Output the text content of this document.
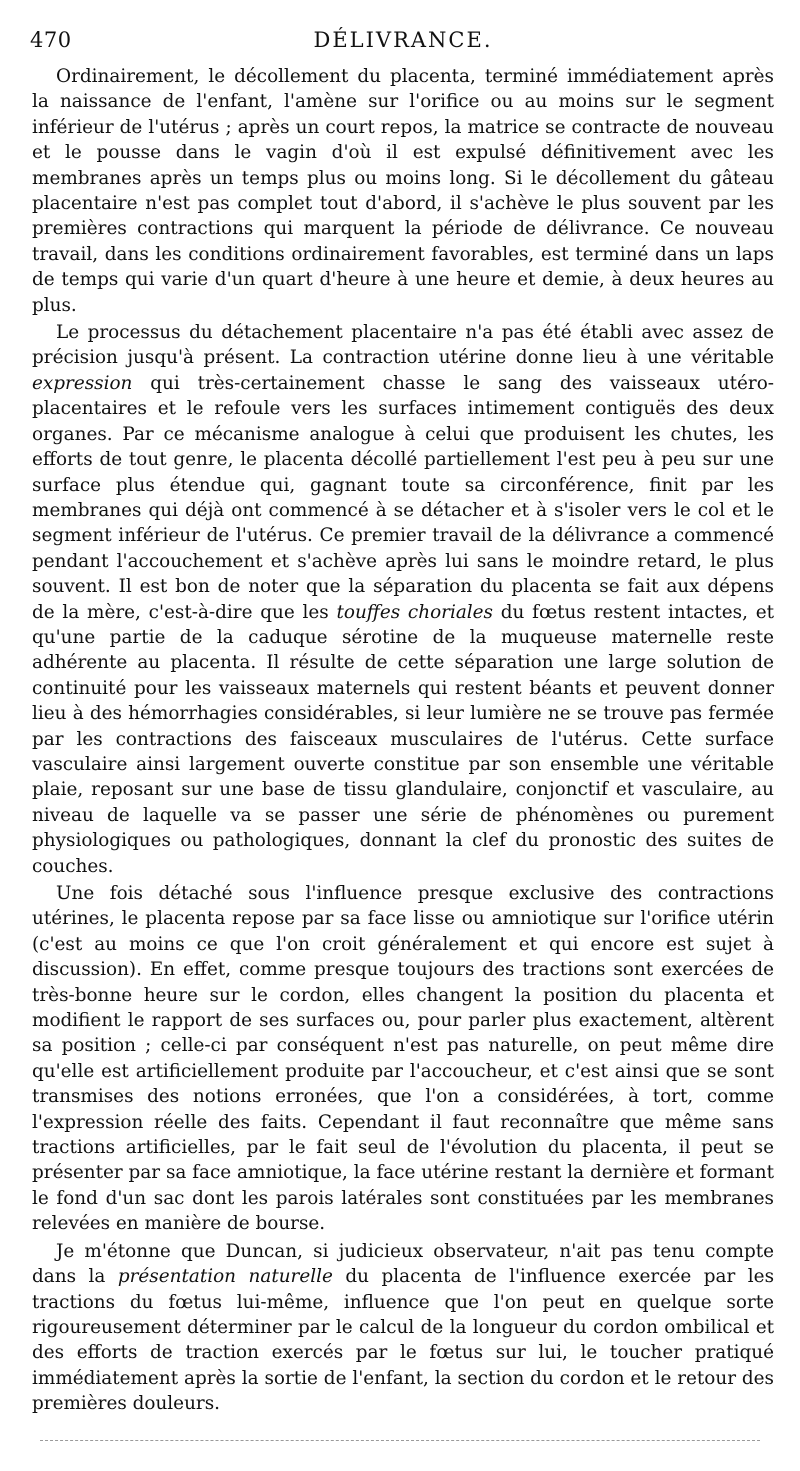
470	DÉLIVRANCE.

Ordinairement, le décollement du placenta, terminé immédiatement après la naissance de l'enfant, l'amène sur l'orifice ou au moins sur le segment inférieur de l'utérus ; après un court repos, la matrice se contracte de nouveau et le pousse dans le vagin d'où il est expulsé définitivement avec les membranes après un temps plus ou moins long. Si le décollement du gâteau placentaire n'est pas complet tout d'abord, il s'achève le plus souvent par les premières contractions qui marquent la période de délivrance. Ce nouveau travail, dans les conditions ordinairement favorables, est terminé dans un laps de temps qui varie d'un quart d'heure à une heure et demie, à deux heures au plus.

Le processus du détachement placentaire n'a pas été établi avec assez de précision jusqu'à présent. La contraction utérine donne lieu à une véritable expression qui très-certainement chasse le sang des vaisseaux utéro-placentaires et le refoule vers les surfaces intimement contiguës des deux organes. Par ce mécanisme analogue à celui que produisent les chutes, les efforts de tout genre, le placenta décollé partiellement l'est peu à peu sur une surface plus étendue qui, gagnant toute sa circonférence, finit par les membranes qui déjà ont commencé à se détacher et à s'isoler vers le col et le segment inférieur de l'utérus. Ce premier travail de la délivrance a commencé pendant l'accouchement et s'achève après lui sans le moindre retard, le plus souvent. Il est bon de noter que la séparation du placenta se fait aux dépens de la mère, c'est-à-dire que les touffes choriales du fœtus restent intactes, et qu'une partie de la caduque sérotine de la muqueuse maternelle reste adhérente au placenta. Il résulte de cette séparation une large solution de continuité pour les vaisseaux maternels qui restent béants et peuvent donner lieu à des hémorrhagies considérables, si leur lumière ne se trouve pas fermée par les contractions des faisceaux musculaires de l'utérus. Cette surface vasculaire ainsi largement ouverte constitue par son ensemble une véritable plaie, reposant sur une base de tissu glandulaire, conjonctif et vasculaire, au niveau de laquelle va se passer une série de phénomènes ou purement physiologiques ou pathologiques, donnant la clef du pronostic des suites de couches.

Une fois détaché sous l'influence presque exclusive des contractions utérines, le placenta repose par sa face lisse ou amniotique sur l'orifice utérin (c'est au moins ce que l'on croit généralement et qui encore est sujet à discussion). En effet, comme presque toujours des tractions sont exercées de très-bonne heure sur le cordon, elles changent la position du placenta et modifient le rapport de ses surfaces ou, pour parler plus exactement, altèrent sa position ; celle-ci par conséquent n'est pas naturelle, on peut même dire qu'elle est artificiellement produite par l'accoucheur, et c'est ainsi que se sont transmises des notions erronées, que l'on a considérées, à tort, comme l'expression réelle des faits. Cependant il faut reconnaître que même sans tractions artificielles, par le fait seul de l'évolution du placenta, il peut se présenter par sa face amniotique, la face utérine restant la dernière et formant le fond d'un sac dont les parois latérales sont constituées par les membranes relevées en manière de bourse.

Je m'étonne que Duncan, si judicieux observateur, n'ait pas tenu compte dans la présentation naturelle du placenta de l'influence exercée par les tractions du fœtus lui-même, influence que l'on peut en quelque sorte rigoureusement déterminer par le calcul de la longueur du cordon ombilical et des efforts de traction exercés par le fœtus sur lui, le toucher pratiqué immédiatement après la sortie de l'enfant, la section du cordon et le retour des premières douleurs.
